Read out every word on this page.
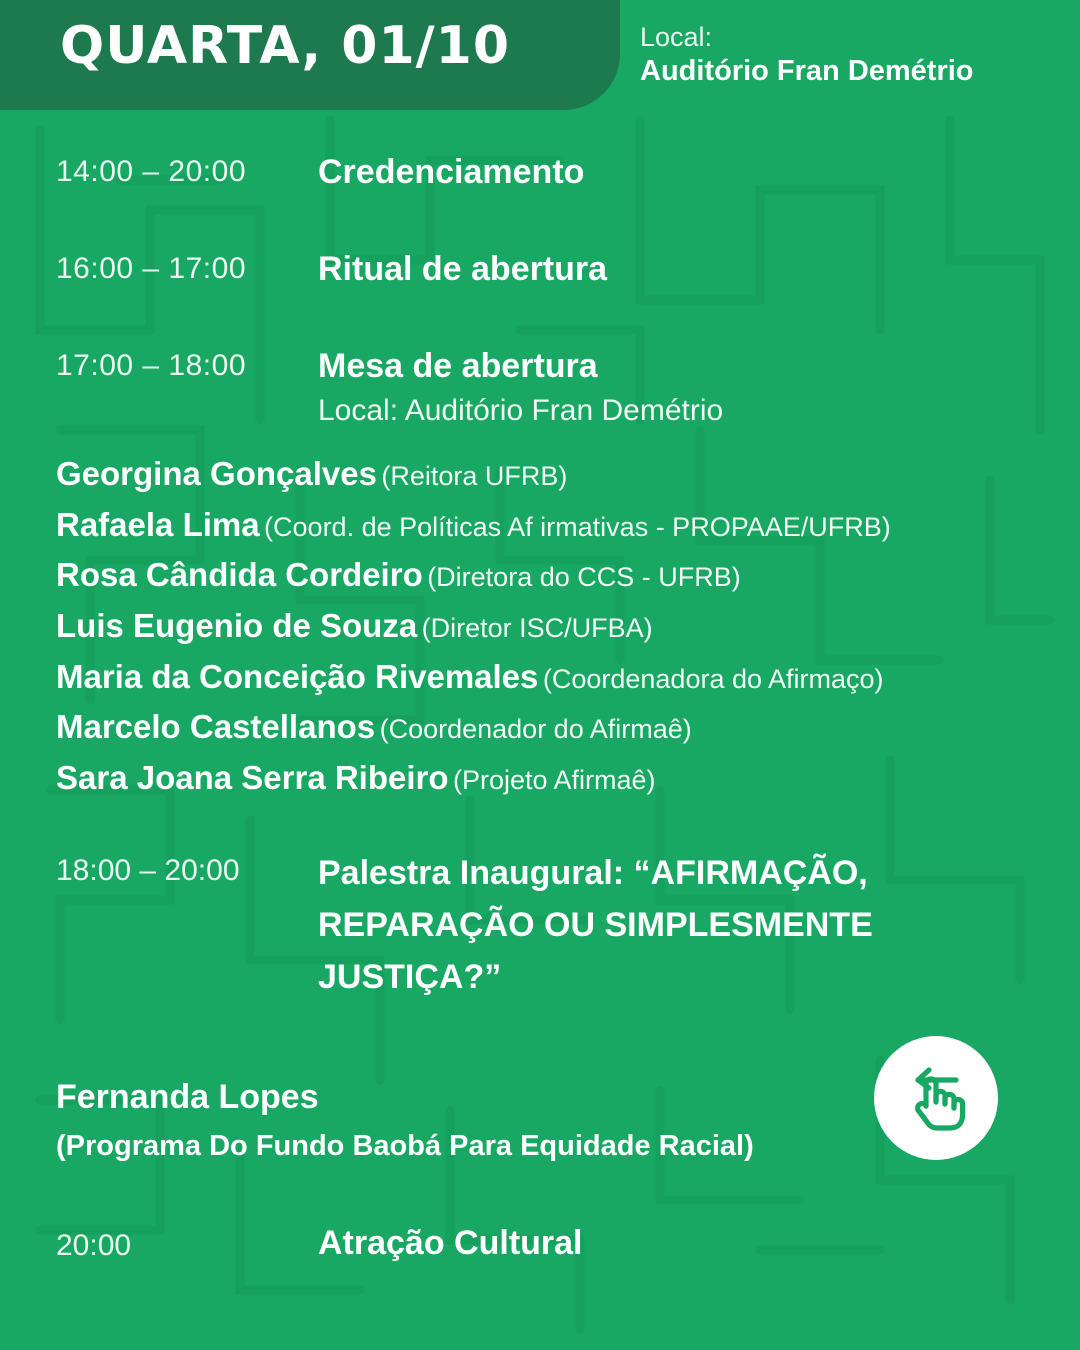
QUARTA, 01/10	Local:
Auditório Fran Demétrio
14:00 – 20:00	Credenciamento
16:00 – 17:00	Ritual de abertura
17:00 – 18:00	Mesa de abertura
Local: Auditório Fran Demétrio
Georgina Gonçalves (Reitora UFRB)
Rafaela Lima (Coord. de Políticas Af irmativas - PROPAAE/UFRB)
Rosa Cândida Cordeiro (Diretora do CCS - UFRB)
Luis Eugenio de Souza (Diretor ISC/UFBA)
Maria da Conceição Rivemales (Coordenadora do Afirmaço)
Marcelo Castellanos (Coordenador do Afirmaê)
Sara Joana Serra Ribeiro (Projeto Afirmaê)
18:00 – 20:00	Palestra Inaugural: “AFIRMAÇÃO, REPARAÇÃO OU SIMPLESMENTE JUSTIÇA?”
Fernanda Lopes
(Programa Do Fundo Baobá Para Equidade Racial)
20:00	Atração Cultural
